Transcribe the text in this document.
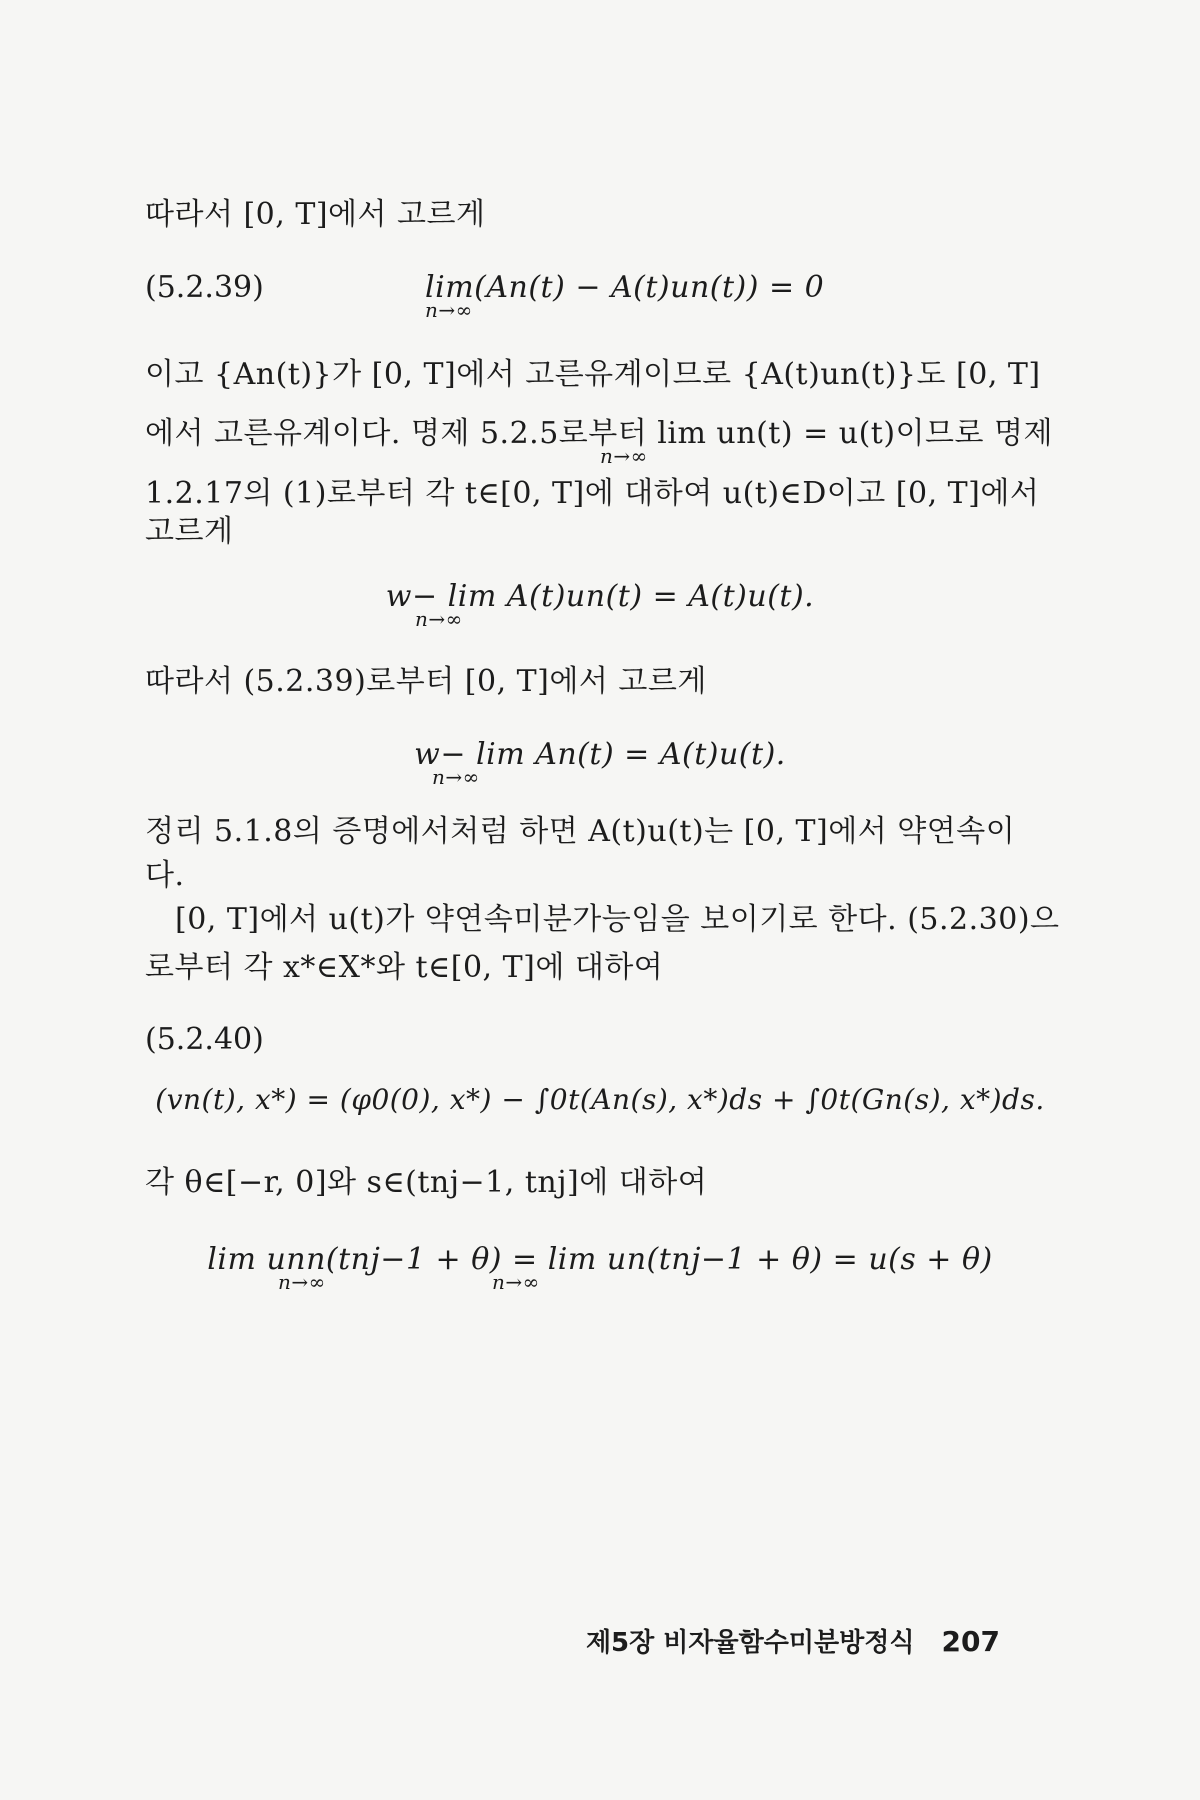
따라서 [0, T]에서 고르게
(5.2.39)	lim(An(t) − A(t)un(t)) = 0
n→∞
이고 {An(t)}가 [0, T]에서 고른유계이므로 {A(t)un(t)}도 [0, T]
에서 고른유계이다. 명제 5.2.5로부터 lim un(t) = u(t)이므로 명제
n→∞
1.2.17의 (1)로부터 각 t∈[0, T]에 대하여 u(t)∈D이고 [0, T]에서
고르게
w− lim A(t)un(t) = A(t)u(t).
n→∞
따라서 (5.2.39)로부터 [0, T]에서 고르게
w− lim An(t) = A(t)u(t).
n→∞
정리 5.1.8의 증명에서처럼 하면 A(t)u(t)는 [0, T]에서 약연속이
다.
[0, T]에서 u(t)가 약연속미분가능임을 보이기로 한다. (5.2.30)으
로부터 각 x*∈X*와 t∈[0, T]에 대하여
(5.2.40)
(vn(t), x*) = (φ0(0), x*) − ∫0t(An(s), x*)ds + ∫0t(Gn(s), x*)ds.
각 θ∈[−r, 0]와 s∈(tnj−1, tnj]에 대하여
lim unn(tnj−1 + θ) = lim un(tnj−1 + θ) = u(s + θ)
n→∞	n→∞
제5장 비자율함수미분방정식 207
